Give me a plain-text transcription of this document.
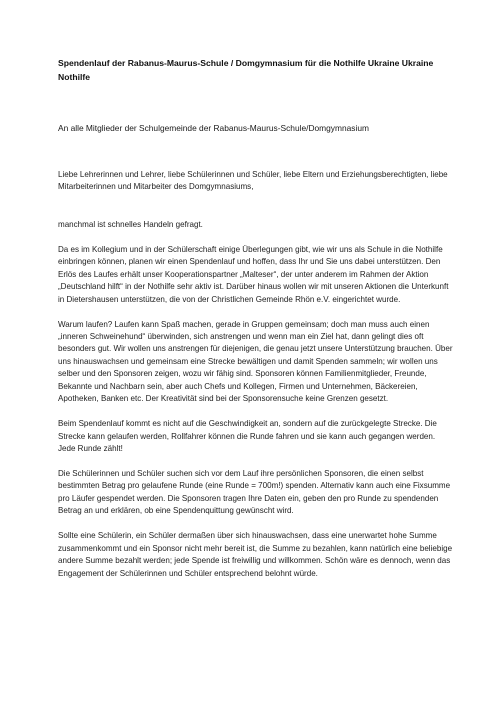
Spendenlauf der Rabanus-Maurus-Schule / Domgymnasium für die Nothilfe Ukraine Ukraine Nothilfe
An alle Mitglieder der Schulgemeinde der Rabanus-Maurus-Schule/Domgymnasium

Liebe Lehrerinnen und Lehrer, liebe Schülerinnen und Schüler, liebe Eltern und Erziehungsberechtigten, liebe Mitarbeiterinnen und Mitarbeiter des Domgymnasiums,

manchmal ist schnelles Handeln gefragt.

Da es im Kollegium und in der Schülerschaft einige Überlegungen gibt, wie wir uns als Schule in die Nothilfe einbringen können, planen wir einen Spendenlauf und hoffen, dass Ihr und Sie uns dabei unterstützen. Den Erlös des Laufes erhält unser Kooperationspartner „Malteser“, der unter anderem im Rahmen der Aktion „Deutschland hilft“ in der Nothilfe sehr aktiv ist. Darüber hinaus wollen wir mit unseren Aktionen die Unterkunft in Dietershausen unterstützen, die von der Christlichen Gemeinde Rhön e.V. eingerichtet wurde.

Warum laufen? Laufen kann Spaß machen, gerade in Gruppen gemeinsam; doch man muss auch einen „inneren Schweinehund“ überwinden, sich anstrengen und wenn man ein Ziel hat, dann gelingt dies oft besonders gut. Wir wollen uns anstrengen für diejenigen, die genau jetzt unsere Unterstützung brauchen. Über uns hinauswachsen und gemeinsam eine Strecke bewältigen und damit Spenden sammeln; wir wollen uns selber und den Sponsoren zeigen, wozu wir fähig sind. Sponsoren können Familienmitglieder, Freunde, Bekannte und Nachbarn sein, aber auch Chefs und Kollegen, Firmen und Unternehmen, Bäckereien, Apotheken, Banken etc. Der Kreativität sind bei der Sponsorensuche keine Grenzen gesetzt.

Beim Spendenlauf kommt es nicht auf die Geschwindigkeit an, sondern auf die zurückgelegte Strecke. Die Strecke kann gelaufen werden, Rollfahrer können die Runde fahren und sie kann auch gegangen werden. Jede Runde zählt!

Die Schülerinnen und Schüler suchen sich vor dem Lauf ihre persönlichen Sponsoren, die einen selbst bestimmten Betrag pro gelaufene Runde (eine Runde = 700m!) spenden. Alternativ kann auch eine Fixsumme pro Läufer gespendet werden. Die Sponsoren tragen Ihre Daten ein, geben den pro Runde zu spendenden Betrag an und erklären, ob eine Spendenquittung gewünscht wird.

Sollte eine Schülerin, ein Schüler dermaßen über sich hinauswachsen, dass eine unerwartet hohe Summe zusammenkommt und ein Sponsor nicht mehr bereit ist, die Summe zu bezahlen, kann natürlich eine beliebige andere Summe bezahlt werden; jede Spende ist freiwillig und willkommen. Schön wäre es dennoch, wenn das Engagement der Schülerinnen und Schüler entsprechend belohnt würde.
